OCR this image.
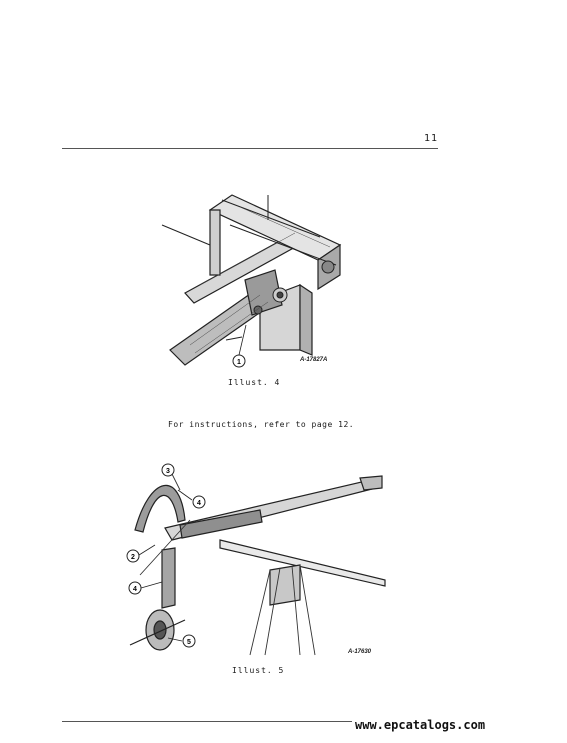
11
1	A-17827A
Illust. 4
For instructions, refer to page 12.
3
4
2
4
5
A-17630
Illust. 5
www.epcatalogs.com
